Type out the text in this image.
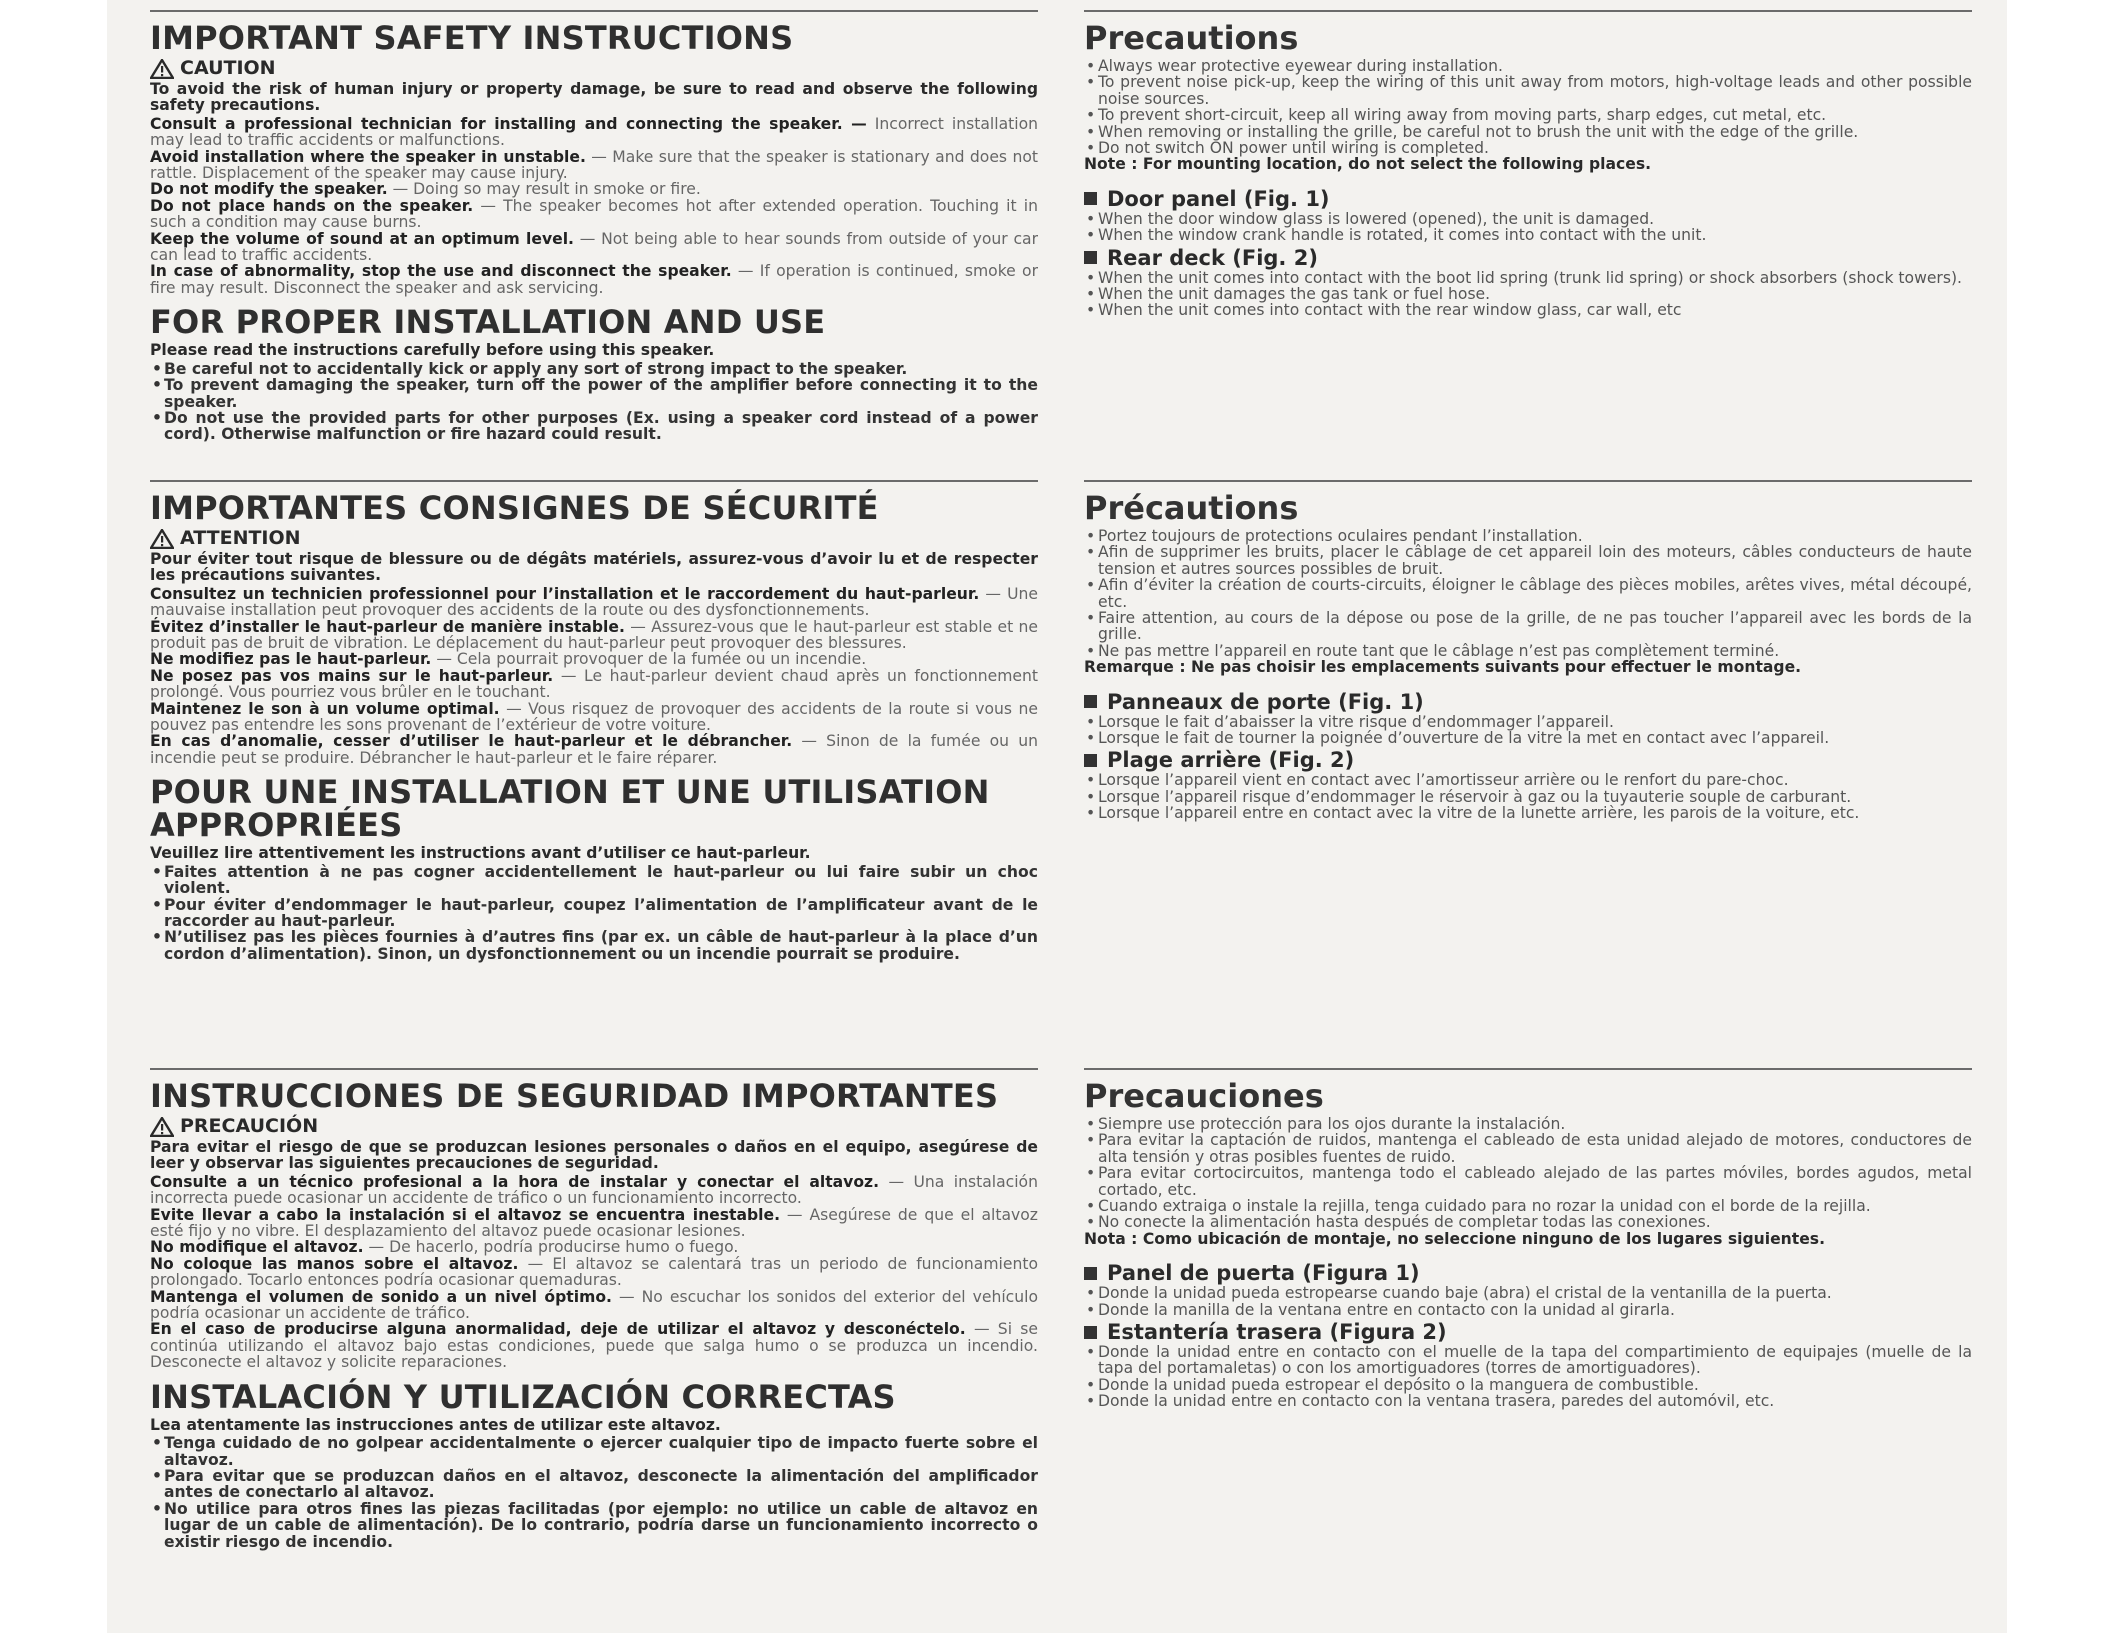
IMPORTANT SAFETY INSTRUCTIONS
CAUTION

To avoid the risk of human injury or property damage, be sure to read and observe the following safety precautions.

Consult a professional technician for installing and connecting the speaker. — Incorrect installation may lead to traffic accidents or malfunctions.

Avoid installation where the speaker in unstable. — Make sure that the speaker is stationary and does not rattle. Displacement of the speaker may cause injury.

Do not modify the speaker. — Doing so may result in smoke or fire.

Do not place hands on the speaker. — The speaker becomes hot after extended operation. Touching it in such a condition may cause burns.

Keep the volume of sound at an optimum level. — Not being able to hear sounds from outside of your car can lead to traffic accidents.

In case of abnormality, stop the use and disconnect the speaker. — If operation is continued, smoke or fire may result. Disconnect the speaker and ask servicing.

FOR PROPER INSTALLATION AND USE

Please read the instructions carefully before using this speaker.

• Be careful not to accidentally kick or apply any sort of strong impact to the speaker.
• To prevent damaging the speaker, turn off the power of the amplifier before connecting it to the speaker.
• Do not use the provided parts for other purposes (Ex. using a speaker cord instead of a power cord). Otherwise malfunction or fire hazard could result.
Precautions
• Always wear protective eyewear during installation.
• To prevent noise pick-up, keep the wiring of this unit away from motors, high-voltage leads and other possible noise sources.
• To prevent short-circuit, keep all wiring away from moving parts, sharp edges, cut metal, etc.
• When removing or installing the grille, be careful not to brush the unit with the edge of the grille.
• Do not switch ON power until wiring is completed.

Note : For mounting location, do not select the following places.

Door panel (Fig. 1)
• When the door window glass is lowered (opened), the unit is damaged.
• When the window crank handle is rotated, it comes into contact with the unit.
Rear deck (Fig. 2)
• When the unit comes into contact with the boot lid spring (trunk lid spring) or shock absorbers (shock towers).
• When the unit damages the gas tank or fuel hose.
• When the unit comes into contact with the rear window glass, car wall, etc
IMPORTANTES CONSIGNES DE SÉCURITÉ
ATTENTION

Pour éviter tout risque de blessure ou de dégâts matériels, assurez-vous d’avoir lu et de respecter les précautions suivantes.

Consultez un technicien professionnel pour l’installation et le raccordement du haut-parleur. — Une mauvaise installation peut provoquer des accidents de la route ou des dysfonctionnements.

Évitez d’installer le haut-parleur de manière instable. — Assurez-vous que le haut-parleur est stable et ne produit pas de bruit de vibration. Le déplacement du haut-parleur peut provoquer des blessures.

Ne modifiez pas le haut-parleur. — Cela pourrait provoquer de la fumée ou un incendie.

Ne posez pas vos mains sur le haut-parleur. — Le haut-parleur devient chaud après un fonctionnement prolongé. Vous pourriez vous brûler en le touchant.

Maintenez le son à un volume optimal. — Vous risquez de provoquer des accidents de la route si vous ne pouvez pas entendre les sons provenant de l’extérieur de votre voiture.

En cas d’anomalie, cesser d’utiliser le haut-parleur et le débrancher. — Sinon de la fumée ou un incendie peut se produire. Débrancher le haut-parleur et le faire réparer.

POUR UNE INSTALLATION ET UNE UTILISATION APPROPRIÉES

Veuillez lire attentivement les instructions avant d’utiliser ce haut-parleur.

• Faites attention à ne pas cogner accidentellement le haut-parleur ou lui faire subir un choc violent.
• Pour éviter d’endommager le haut-parleur, coupez l’alimentation de l’amplificateur avant de le raccorder au haut-parleur.
• N’utilisez pas les pièces fournies à d’autres fins (par ex. un câble de haut-parleur à la place d’un cordon d’alimentation). Sinon, un dysfonctionnement ou un incendie pourrait se produire.
Précautions
• Portez toujours de protections oculaires pendant l’installation.
• Afin de supprimer les bruits, placer le câblage de cet appareil loin des moteurs, câbles conducteurs de haute tension et autres sources possibles de bruit.
• Afin d’éviter la création de courts-circuits, éloigner le câblage des pièces mobiles, arêtes vives, métal découpé, etc.
• Faire attention, au cours de la dépose ou pose de la grille, de ne pas toucher l’appareil avec les bords de la grille.
• Ne pas mettre l’appareil en route tant que le câblage n’est pas complètement terminé.

Remarque : Ne pas choisir les emplacements suivants pour effectuer le montage.

Panneaux de porte (Fig. 1)
• Lorsque le fait d’abaisser la vitre risque d’endommager l’appareil.
• Lorsque le fait de tourner la poignée d’ouverture de la vitre la met en contact avec l’appareil.
Plage arrière (Fig. 2)
• Lorsque l’appareil vient en contact avec l’amortisseur arrière ou le renfort du pare-choc.
• Lorsque l’appareil risque d’endommager le réservoir à gaz ou la tuyauterie souple de carburant.
• Lorsque l’appareil entre en contact avec la vitre de la lunette arrière, les parois de la voiture, etc.
INSTRUCCIONES DE SEGURIDAD IMPORTANTES
PRECAUCIÓN

Para evitar el riesgo de que se produzcan lesiones personales o daños en el equipo, asegúrese de leer y observar las siguientes precauciones de seguridad.

Consulte a un técnico profesional a la hora de instalar y conectar el altavoz. — Una instalación incorrecta puede ocasionar un accidente de tráfico o un funcionamiento incorrecto.

Evite llevar a cabo la instalación si el altavoz se encuentra inestable. — Asegúrese de que el altavoz esté fijo y no vibre. El desplazamiento del altavoz puede ocasionar lesiones.

No modifique el altavoz. — De hacerlo, podría producirse humo o fuego.

No coloque las manos sobre el altavoz. — El altavoz se calentará tras un periodo de funcionamiento prolongado. Tocarlo entonces podría ocasionar quemaduras.

Mantenga el volumen de sonido a un nivel óptimo. — No escuchar los sonidos del exterior del vehículo podría ocasionar un accidente de tráfico.

En el caso de producirse alguna anormalidad, deje de utilizar el altavoz y desconéctelo. — Si se continúa utilizando el altavoz bajo estas condiciones, puede que salga humo o se produzca un incendio. Desconecte el altavoz y solicite reparaciones.

INSTALACIÓN Y UTILIZACIÓN CORRECTAS

Lea atentamente las instrucciones antes de utilizar este altavoz.

• Tenga cuidado de no golpear accidentalmente o ejercer cualquier tipo de impacto fuerte sobre el altavoz.
• Para evitar que se produzcan daños en el altavoz, desconecte la alimentación del amplificador antes de conectarlo al altavoz.
• No utilice para otros fines las piezas facilitadas (por ejemplo: no utilice un cable de altavoz en lugar de un cable de alimentación). De lo contrario, podría darse un funcionamiento incorrecto o existir riesgo de incendio.
Precauciones
• Siempre use protección para los ojos durante la instalación.
• Para evitar la captación de ruidos, mantenga el cableado de esta unidad alejado de motores, conductores de alta tensión y otras posibles fuentes de ruido.
• Para evitar cortocircuitos, mantenga todo el cableado alejado de las partes móviles, bordes agudos, metal cortado, etc.
• Cuando extraiga o instale la rejilla, tenga cuidado para no rozar la unidad con el borde de la rejilla.
• No conecte la alimentación hasta después de completar todas las conexiones.

Nota : Como ubicación de montaje, no seleccione ninguno de los lugares siguientes.

Panel de puerta (Figura 1)
• Donde la unidad pueda estropearse cuando baje (abra) el cristal de la ventanilla de la puerta.
• Donde la manilla de la ventana entre en contacto con la unidad al girarla.
Estantería trasera (Figura 2)
• Donde la unidad entre en contacto con el muelle de la tapa del compartimiento de equipajes (muelle de la tapa del portamaletas) o con los amortiguadores (torres de amortiguadores).
• Donde la unidad pueda estropear el depósito o la manguera de combustible.
• Donde la unidad entre en contacto con la ventana trasera, paredes del automóvil, etc.
